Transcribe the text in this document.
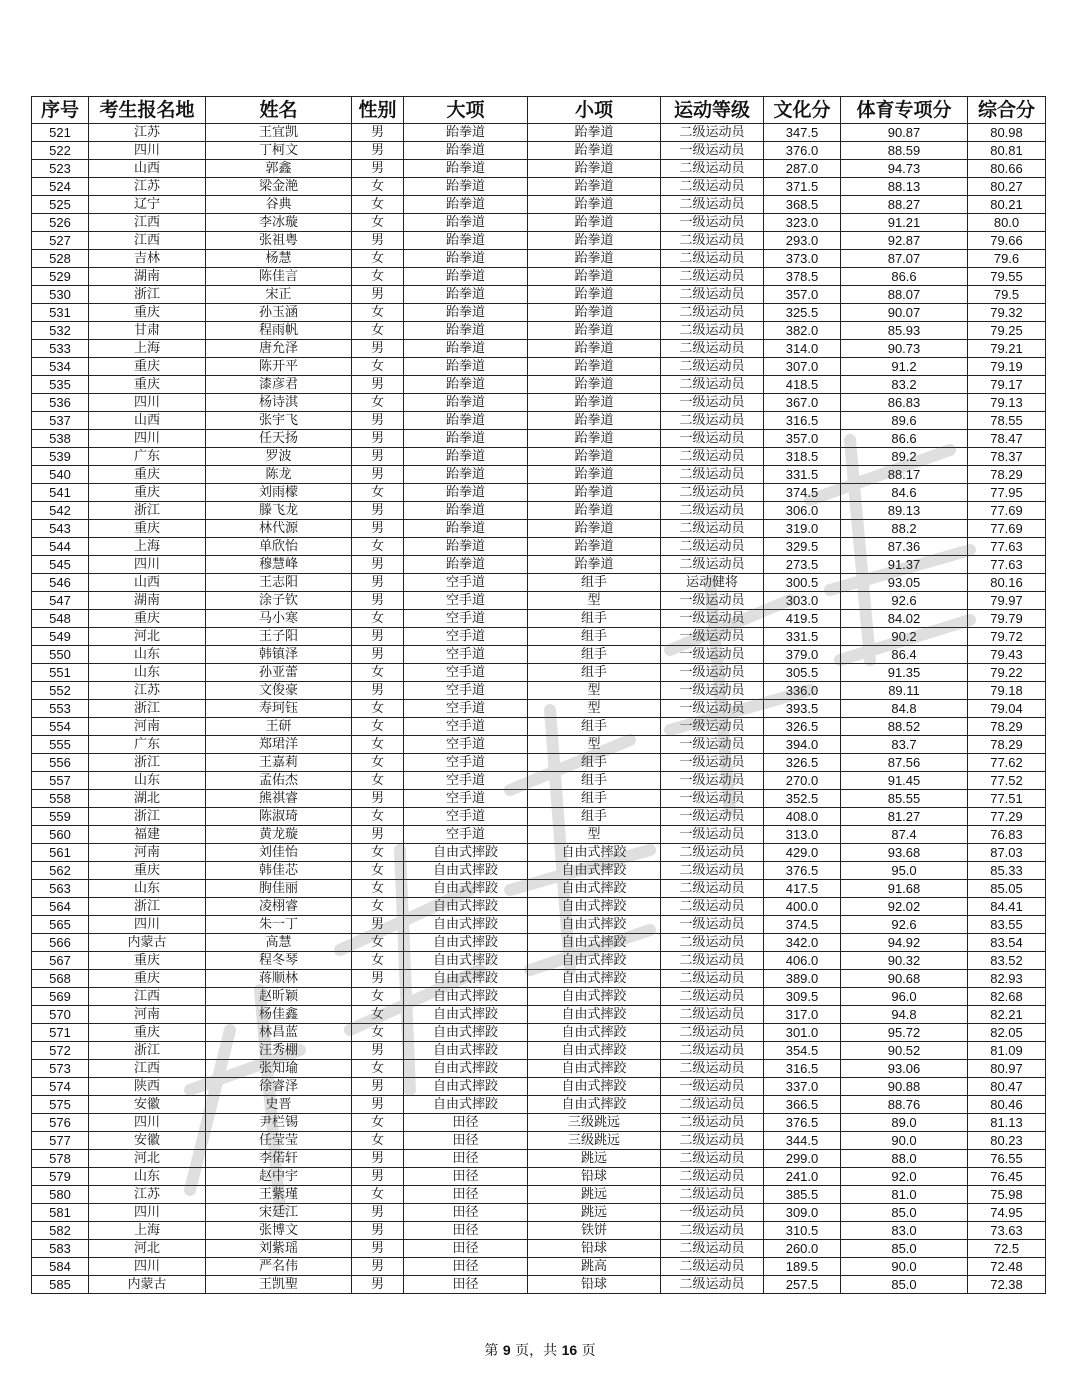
序号	考生报名地	姓名	性别	大项	小项	运动等级	文化分	体育专项分	综合分
521	江苏	王宜凯	男	跆拳道	跆拳道	二级运动员	347.5	90.87	80.98
522	四川	丁柯文	男	跆拳道	跆拳道	一级运动员	376.0	88.59	80.81
523	山西	郭鑫	男	跆拳道	跆拳道	二级运动员	287.0	94.73	80.66
524	江苏	梁金滟	女	跆拳道	跆拳道	二级运动员	371.5	88.13	80.27
525	辽宁	谷典	女	跆拳道	跆拳道	二级运动员	368.5	88.27	80.21
526	江西	李冰璇	女	跆拳道	跆拳道	一级运动员	323.0	91.21	80.0
527	江西	张祖粤	男	跆拳道	跆拳道	二级运动员	293.0	92.87	79.66
528	吉林	杨慧	女	跆拳道	跆拳道	二级运动员	373.0	87.07	79.6
529	湖南	陈佳言	女	跆拳道	跆拳道	二级运动员	378.5	86.6	79.55
530	浙江	宋正	男	跆拳道	跆拳道	二级运动员	357.0	88.07	79.5
531	重庆	孙玉涵	女	跆拳道	跆拳道	二级运动员	325.5	90.07	79.32
532	甘肃	程雨帆	女	跆拳道	跆拳道	二级运动员	382.0	85.93	79.25
533	上海	唐允泽	男	跆拳道	跆拳道	二级运动员	314.0	90.73	79.21
534	重庆	陈开平	女	跆拳道	跆拳道	二级运动员	307.0	91.2	79.19
535	重庆	漆彦君	男	跆拳道	跆拳道	二级运动员	418.5	83.2	79.17
536	四川	杨诗淇	女	跆拳道	跆拳道	一级运动员	367.0	86.83	79.13
537	山西	张宇飞	男	跆拳道	跆拳道	二级运动员	316.5	89.6	78.55
538	四川	任天扬	男	跆拳道	跆拳道	一级运动员	357.0	86.6	78.47
539	广东	罗波	男	跆拳道	跆拳道	二级运动员	318.5	89.2	78.37
540	重庆	陈龙	男	跆拳道	跆拳道	二级运动员	331.5	88.17	78.29
541	重庆	刘雨檬	女	跆拳道	跆拳道	二级运动员	374.5	84.6	77.95
542	浙江	滕飞龙	男	跆拳道	跆拳道	二级运动员	306.0	89.13	77.69
543	重庆	林代源	男	跆拳道	跆拳道	二级运动员	319.0	88.2	77.69
544	上海	单欣怡	女	跆拳道	跆拳道	二级运动员	329.5	87.36	77.63
545	四川	穆慧峰	男	跆拳道	跆拳道	二级运动员	273.5	91.37	77.63
546	山西	王志阳	男	空手道	组手	运动健将	300.5	93.05	80.16
547	湖南	涂子钦	男	空手道	型	一级运动员	303.0	92.6	79.97
548	重庆	马小寒	女	空手道	组手	一级运动员	419.5	84.02	79.79
549	河北	王子阳	男	空手道	组手	一级运动员	331.5	90.2	79.72
550	山东	韩镇泽	男	空手道	组手	一级运动员	379.0	86.4	79.43
551	山东	孙亚蕾	女	空手道	组手	一级运动员	305.5	91.35	79.22
552	江苏	文俊豪	男	空手道	型	一级运动员	336.0	89.11	79.18
553	浙江	寿珂钰	女	空手道	型	一级运动员	393.5	84.8	79.04
554	河南	王研	女	空手道	组手	一级运动员	326.5	88.52	78.29
555	广东	郑珺洋	女	空手道	型	一级运动员	394.0	83.7	78.29
556	浙江	王嘉莉	女	空手道	组手	一级运动员	326.5	87.56	77.62
557	山东	孟佑杰	女	空手道	组手	一级运动员	270.0	91.45	77.52
558	湖北	熊祺睿	男	空手道	组手	一级运动员	352.5	85.55	77.51
559	浙江	陈淑琦	女	空手道	组手	一级运动员	408.0	81.27	77.29
560	福建	黄龙璇	男	空手道	型	一级运动员	313.0	87.4	76.83
561	河南	刘佳怡	女	自由式摔跤	自由式摔跤	二级运动员	429.0	93.68	87.03
562	重庆	韩佳芯	女	自由式摔跤	自由式摔跤	二级运动员	376.5	95.0	85.33
563	山东	朐佳丽	女	自由式摔跤	自由式摔跤	二级运动员	417.5	91.68	85.05
564	浙江	凌栩睿	女	自由式摔跤	自由式摔跤	二级运动员	400.0	92.02	84.41
565	四川	朱一丁	男	自由式摔跤	自由式摔跤	一级运动员	374.5	92.6	83.55
566	内蒙古	高慧	女	自由式摔跤	自由式摔跤	二级运动员	342.0	94.92	83.54
567	重庆	程冬琴	女	自由式摔跤	自由式摔跤	二级运动员	406.0	90.32	83.52
568	重庆	蒋顺林	男	自由式摔跤	自由式摔跤	二级运动员	389.0	90.68	82.93
569	江西	赵昕颖	女	自由式摔跤	自由式摔跤	二级运动员	309.5	96.0	82.68
570	河南	杨佳鑫	女	自由式摔跤	自由式摔跤	二级运动员	317.0	94.8	82.21
571	重庆	林昌蓝	女	自由式摔跤	自由式摔跤	二级运动员	301.0	95.72	82.05
572	浙江	汪秀棚	男	自由式摔跤	自由式摔跤	二级运动员	354.5	90.52	81.09
573	江西	张知瑜	女	自由式摔跤	自由式摔跤	二级运动员	316.5	93.06	80.97
574	陕西	徐睿泽	男	自由式摔跤	自由式摔跤	一级运动员	337.0	90.88	80.47
575	安徽	史晋	男	自由式摔跤	自由式摔跤	二级运动员	366.5	88.76	80.46
576	四川	尹栏锡	女	田径	三级跳远	二级运动员	376.5	89.0	81.13
577	安徽	任莹莹	女	田径	三级跳远	二级运动员	344.5	90.0	80.23
578	河北	李偌轩	男	田径	跳远	二级运动员	299.0	88.0	76.55
579	山东	赵中宇	男	田径	铅球	二级运动员	241.0	92.0	76.45
580	江苏	王紫瑾	女	田径	跳远	二级运动员	385.5	81.0	75.98
581	四川	宋廷江	男	田径	跳远	一级运动员	309.0	85.0	74.95
582	上海	张博文	男	田径	铁饼	二级运动员	310.5	83.0	73.63
583	河北	刘紫瑶	男	田径	铅球	二级运动员	260.0	85.0	72.5
584	四川	严名伟	男	田径	跳高	二级运动员	189.5	90.0	72.48
585	内蒙古	王凯聖	男	田径	铅球	二级运动员	257.5	85.0	72.38
第 9 页，共 16 页
